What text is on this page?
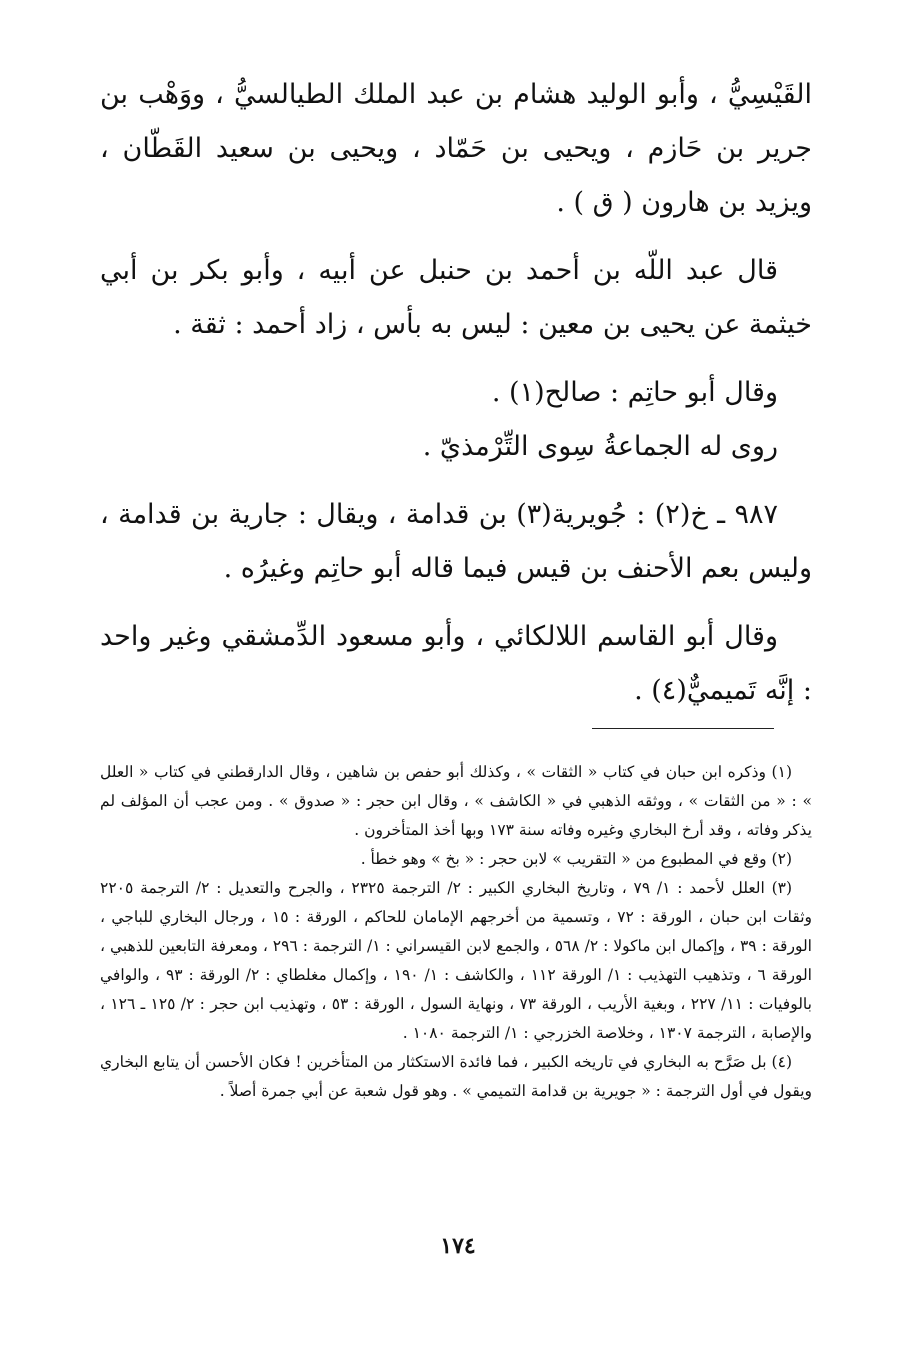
القَيْسِيُّ ، وأبو الوليد هشام بن عبد الملك الطيالسيُّ ، ووَهْب بن جرير بن حَازم ، ويحيى بن حَمّاد ، ويحيى بن سعيد القَطّان ، ويزيد بن هارون ( ق ) .

قال عبد اللّه بن أحمد بن حنبل عن أبيه ، وأبو بكر بن أبي خيثمة عن يحيى بن معين : ليس به بأس ، زاد أحمد : ثقة .

وقال أبو حاتِم : صالح(١) .

روى له الجماعةُ سِوى التِّرْمذيّ .

٩٨٧ ـ خ(٢) : جُويرية(٣) بن قدامة ، ويقال : جارية بن قدامة ، وليس بعم الأحنف بن قيس فيما قاله أبو حاتِم وغيرُه .

وقال أبو القاسم اللالكائي ، وأبو مسعود الدِّمشقي وغير واحد : إنَّه تَميميٌّ(٤) .

(١) وذكره ابن حبان في كتاب « الثقات » ، وكذلك أبو حفص بن شاهين ، وقال الدارقطني في كتاب « العلل » : « من الثقات » ، ووثقه الذهبي في « الكاشف » ، وقال ابن حجر : « صدوق » . ومن عجب أن المؤلف لم يذكر وفاته ، وقد أرخ البخاري وغيره وفاته سنة ١٧٣ وبها أخذ المتأخرون .

(٢) وقع في المطبوع من « التقريب » لابن حجر : « بخ » وهو خطأ .

(٣) العلل لأحمد : ١/ ٧٩ ، وتاريخ البخاري الكبير : ٢/ الترجمة ٢٣٢٥ ، والجرح والتعديل : ٢/ الترجمة ٢٢٠٥ وثقات ابن حبان ، الورقة : ٧٢ ، وتسمية من أخرجهم الإمامان للحاكم ، الورقة : ١٥ ، ورجال البخاري للباجي ، الورقة : ٣٩ ، وإكمال ابن ماكولا : ٢/ ٥٦٨ ، والجمع لابن القيسراني : ١/ الترجمة : ٢٩٦ ، ومعرفة التابعين للذهبي ، الورقة ٦ ، وتذهيب التهذيب : ١/ الورقة ١١٢ ، والكاشف : ١/ ١٩٠ ، وإكمال مغلطاي : ٢/ الورقة : ٩٣ ، والوافي بالوفيات : ١١/ ٢٢٧ ، وبغية الأريب ، الورقة ٧٣ ، ونهاية السول ، الورقة : ٥٣ ، وتهذيب ابن حجر : ٢/ ١٢٥ ـ ١٢٦ ، والإصابة ، الترجمة ١٣٠٧ ، وخلاصة الخزرجي : ١/ الترجمة ١٠٨٠ .

(٤) بل صَرَّح به البخاري في تاريخه الكبير ، فما فائدة الاستكثار من المتأخرين ! فكان الأحسن أن يتابع البخاري ويقول في أول الترجمة : « جويرية بن قدامة التميمي » . وهو قول شعبة عن أبي جمرة أصلاً .

١٧٤
